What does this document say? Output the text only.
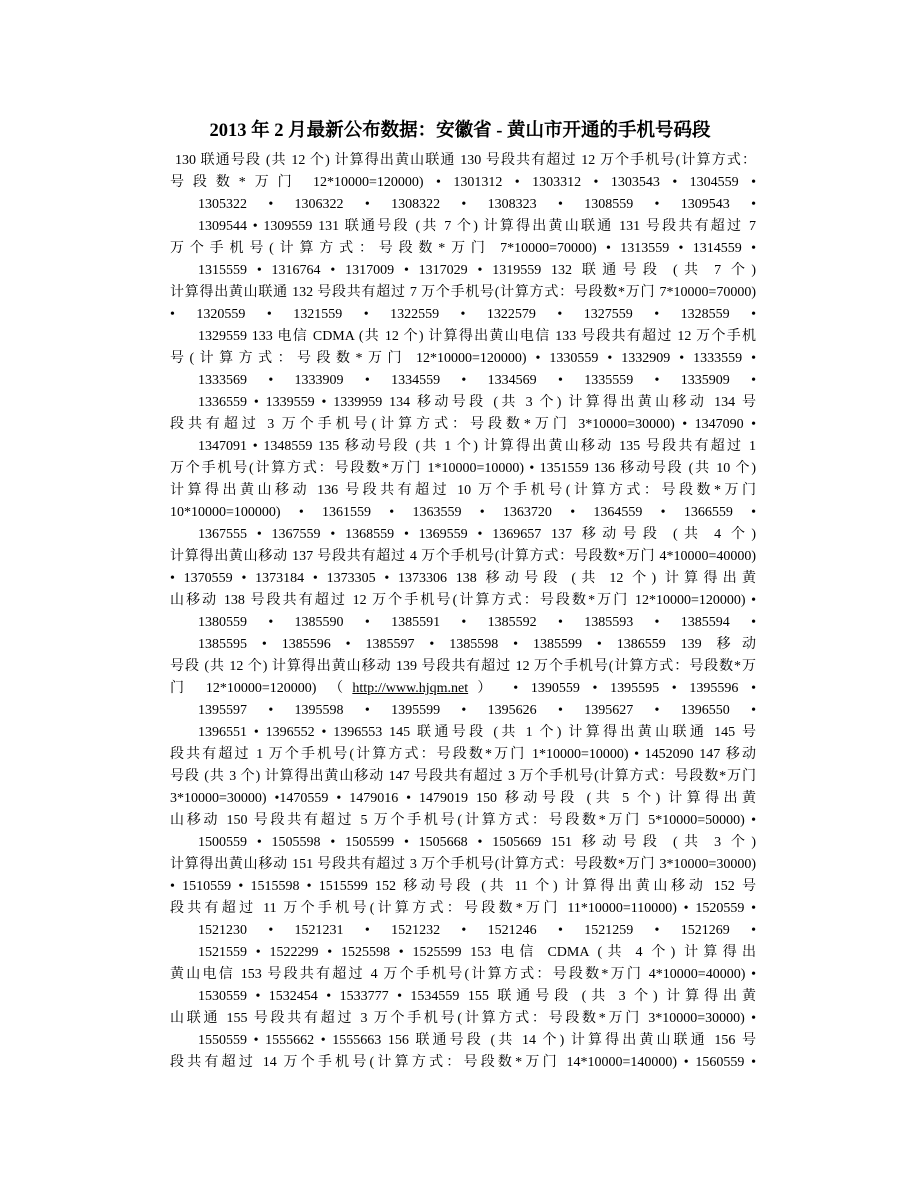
2013 年 2 月最新公布数据：安徽省 - 黄山市开通的手机号码段
130 联通号段 (共 12 个) 计算得出黄山联通 130 号段共有超过 12 万个手机号(计算方式：
号段数*万门 12*10000=120000) • 1301312 • 1303312 • 1303543 • 1304559 •
1305322 • 1306322 • 1308322 • 1308323 • 1308559 • 1309543 •
1309544 • 1309559 131 联通号段 (共 7 个) 计算得出黄山联通 131 号段共有超过 7
万个手机号(计算方式：号段数*万门 7*10000=70000) • 1313559 • 1314559 •
1315559 • 1316764 • 1317009 • 1317029 • 1319559 132 联通号段 (共 7 个)
计算得出黄山联通 132 号段共有超过 7 万个手机号(计算方式：号段数*万门 7*10000=70000)
• 1320559 • 1321559 • 1322559 • 1322579 • 1327559 • 1328559 •
1329559 133 电信 CDMA (共 12 个) 计算得出黄山电信 133 号段共有超过 12 万个手机
号(计算方式：号段数*万门 12*10000=120000) • 1330559 • 1332909 • 1333559 •
1333569 • 1333909 • 1334559 • 1334569 • 1335559 • 1335909 •
1336559 • 1339559 • 1339959 134 移动号段 (共 3 个) 计算得出黄山移动 134 号
段共有超过 3 万个手机号(计算方式：号段数*万门 3*10000=30000) • 1347090 •
1347091 • 1348559 135 移动号段 (共 1 个) 计算得出黄山移动 135 号段共有超过 1
万个手机号(计算方式：号段数*万门 1*10000=10000) • 1351559 136 移动号段 (共 10 个)
计算得出黄山移动 136 号段共有超过 10 万个手机号(计算方式：号段数*万门
10*10000=100000) • 1361559 • 1363559 • 1363720 • 1364559 • 1366559 •
1367555 • 1367559 • 1368559 • 1369559 • 1369657 137 移动号段 (共 4 个)
计算得出黄山移动 137 号段共有超过 4 万个手机号(计算方式：号段数*万门 4*10000=40000)
• 1370559 • 1373184 • 1373305 • 1373306 138 移动号段 (共 12 个) 计算得出黄
山移动 138 号段共有超过 12 万个手机号(计算方式：号段数*万门 12*10000=120000) •
1380559 • 1385590 • 1385591 • 1385592 • 1385593 • 1385594 •
1385595 • 1385596 • 1385597 • 1385598 • 1385599 • 1386559 139 移动
号段 (共 12 个) 计算得出黄山移动 139 号段共有超过 12 万个手机号(计算方式：号段数*万
门 12*10000=120000) （http://www.hjqm.net） • 1390559 • 1395595 • 1395596 •
1395597 • 1395598 • 1395599 • 1395626 • 1395627 • 1396550 •
1396551 • 1396552 • 1396553 145 联通号段 (共 1 个) 计算得出黄山联通 145 号
段共有超过 1 万个手机号(计算方式：号段数*万门 1*10000=10000) • 1452090 147 移动
号段 (共 3 个) 计算得出黄山移动 147 号段共有超过 3 万个手机号(计算方式：号段数*万门
3*10000=30000) •1470559 • 1479016 • 1479019 150 移动号段 (共 5 个) 计算得出黄
山移动 150 号段共有超过 5 万个手机号(计算方式：号段数*万门 5*10000=50000) •
1500559 • 1505598 • 1505599 • 1505668 • 1505669 151 移动号段 (共 3 个)
计算得出黄山移动 151 号段共有超过 3 万个手机号(计算方式：号段数*万门 3*10000=30000)
• 1510559 • 1515598 • 1515599 152 移动号段 (共 11 个) 计算得出黄山移动 152 号
段共有超过 11 万个手机号(计算方式：号段数*万门 11*10000=110000) • 1520559 •
1521230 • 1521231 • 1521232 • 1521246 • 1521259 • 1521269 •
1521559 • 1522299 • 1525598 • 1525599 153 电信 CDMA (共 4 个) 计算得出
黄山电信 153 号段共有超过 4 万个手机号(计算方式：号段数*万门 4*10000=40000) •
1530559 • 1532454 • 1533777 • 1534559 155 联通号段 (共 3 个) 计算得出黄
山联通 155 号段共有超过 3 万个手机号(计算方式：号段数*万门 3*10000=30000) •
1550559 • 1555662 • 1555663 156 联通号段 (共 14 个) 计算得出黄山联通 156 号
段共有超过 14 万个手机号(计算方式：号段数*万门 14*10000=140000) • 1560559 •
